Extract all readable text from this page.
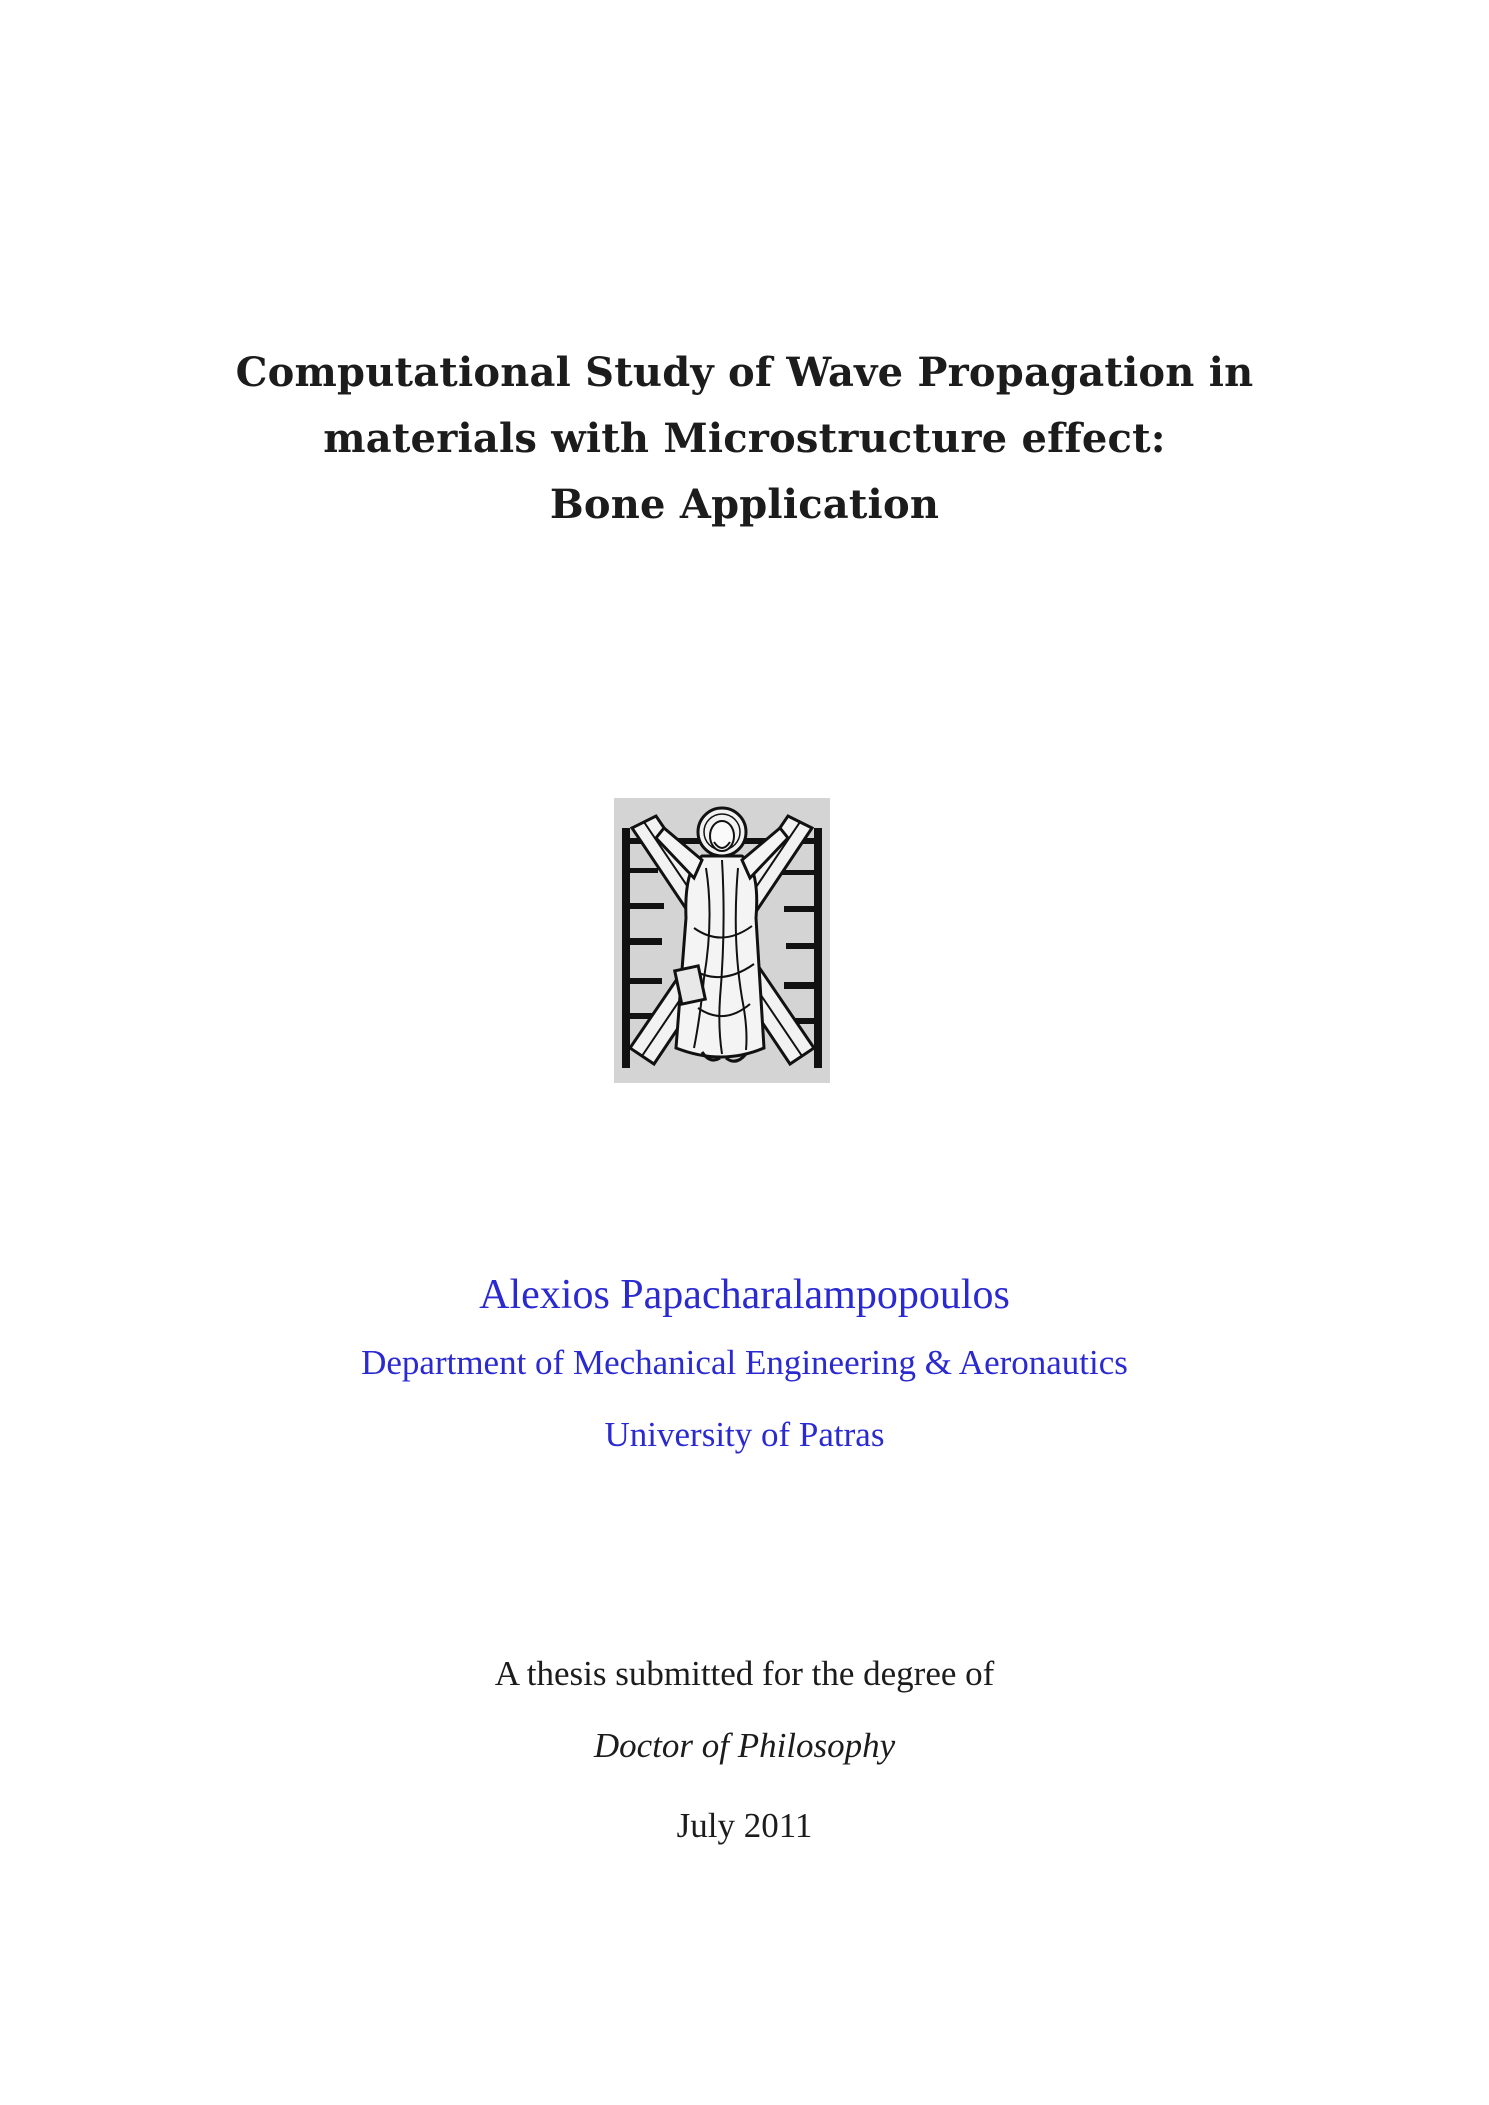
Computational Study of Wave Propagation in
materials with Microstructure effect:
Bone Application
Alexios Papacharalampopoulos
Department of Mechanical Engineering & Aeronautics
University of Patras
A thesis submitted for the degree of
Doctor of Philosophy
July 2011
